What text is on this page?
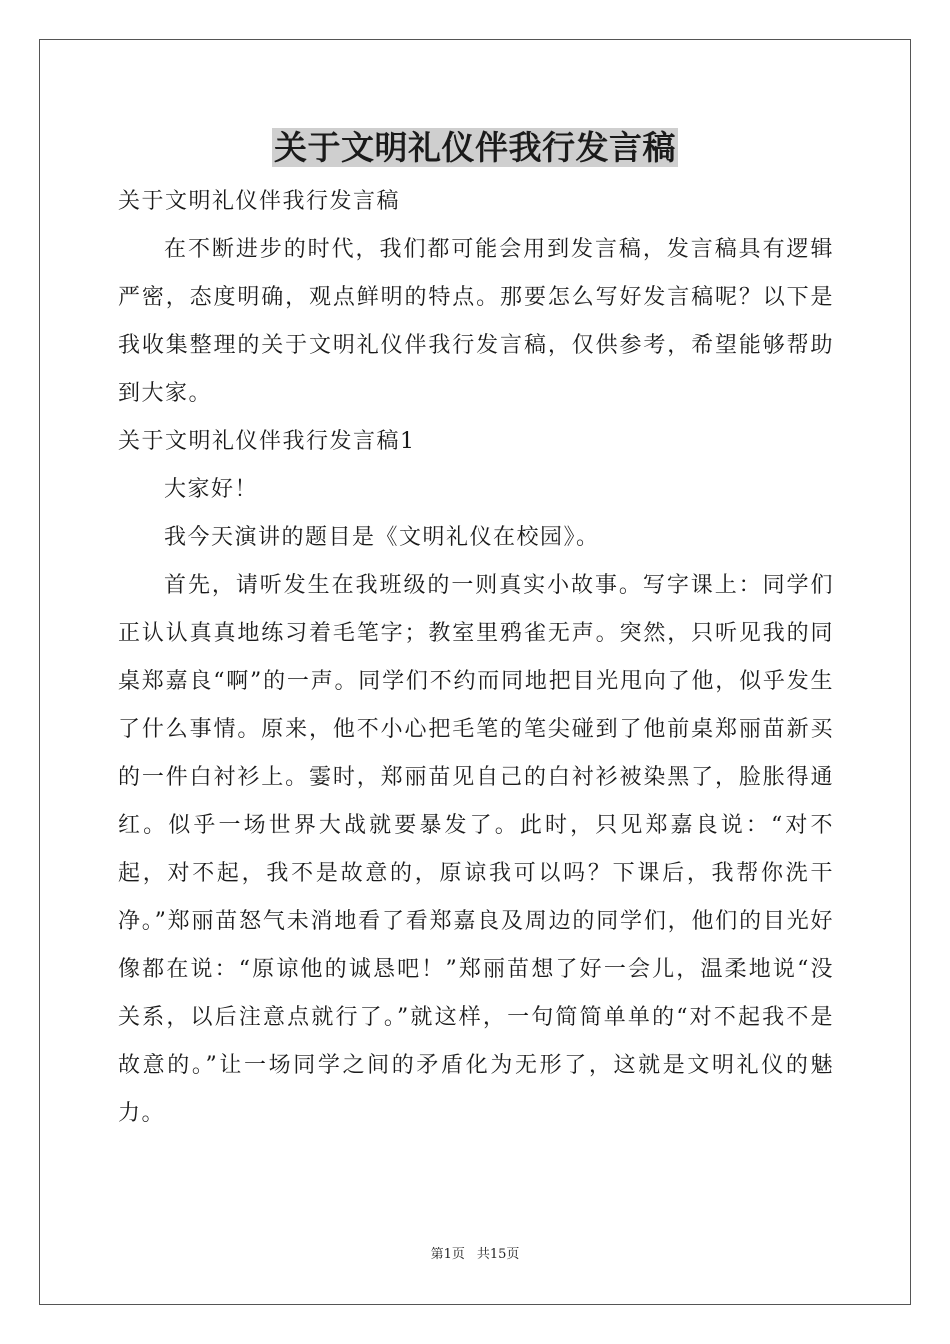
关于文明礼仪伴我行发言稿

关于文明礼仪伴我行发言稿

在不断进步的时代，我们都可能会用到发言稿，发言稿具有逻辑严密，态度明确，观点鲜明的特点。那要怎么写好发言稿呢？以下是我收集整理的关于文明礼仪伴我行发言稿，仅供参考，希望能够帮助到大家。

关于文明礼仪伴我行发言稿1

大家好！

我今天演讲的题目是《文明礼仪在校园》。

首先，请听发生在我班级的一则真实小故事。写字课上：同学们正认认真真地练习着毛笔字；教室里鸦雀无声。突然，只听见我的同桌郑嘉良“啊”的一声。同学们不约而同地把目光甩向了他，似乎发生了什么事情。原来，他不小心把毛笔的笔尖碰到了他前桌郑丽苗新买的一件白衬衫上。霎时，郑丽苗见自己的白衬衫被染黑了，脸胀得通红。似乎一场世界大战就要暴发了。此时，只见郑嘉良说：“对不起，对不起，我不是故意的，原谅我可以吗？下课后，我帮你洗干净。”郑丽苗怒气未消地看了看郑嘉良及周边的同学们，他们的目光好像都在说：“原谅他的诚恳吧！”郑丽苗想了好一会儿，温柔地说“没关系，以后注意点就行了。”就这样，一句简简单单的“对不起我不是故意的。”让一场同学之间的矛盾化为无形了，这就是文明礼仪的魅力。

第1页 共15页
